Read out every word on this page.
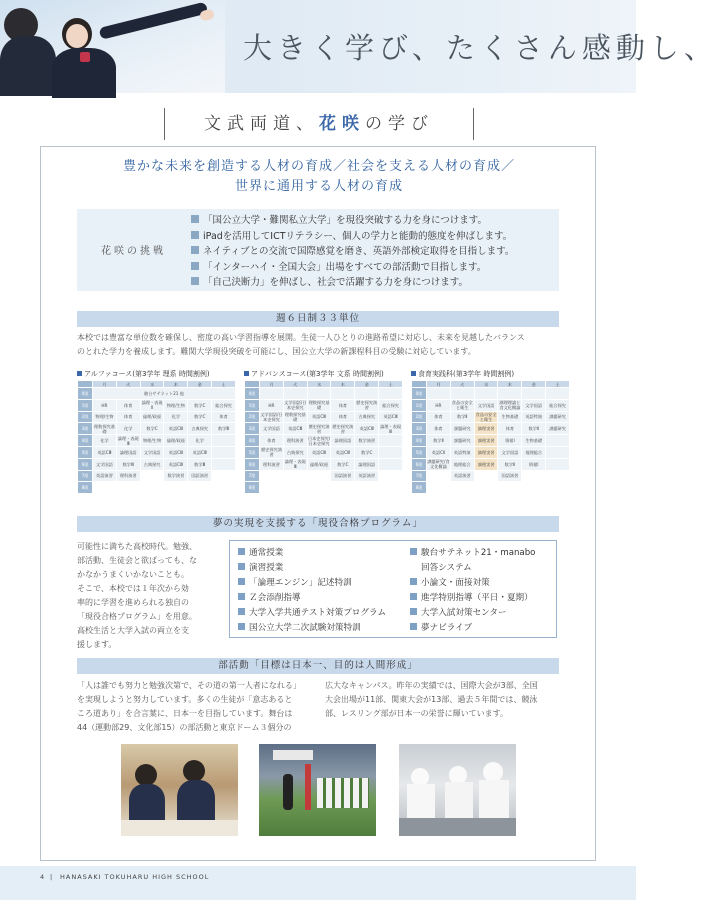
大きく学び、たくさん感動し、
文武両道、花咲の学び
豊かな未来を創造する人材の育成／社会を支える人材の育成／
世界に通用する人材の育成
花咲の挑戦
「国公立大学・難関私立大学」を現役突破する力を身につけます。
iPadを活用してICTリテラシー、個人の学力と能動的態度を伸ばします。
ネイティブとの交流で国際感覚を磨き、英語外部検定取得を目指します。
「インターハイ・全国大会」出場をすべての部活動で目指します。
「自己決断力」を伸ばし、社会で活躍する力を身につけます。
週６日制３３単位
本校では豊富な単位数を確保し、密度の高い学習指導を展開。生徒一人ひとりの進路希望に対応し、未来を見越したバランス
のとれた学力を養成します。難関大学現役突破を可能にし、国公立大学の新課程科目の受験に対応しています。
アルファコース(第3学年 理系 時間割例)	アドバンスコース(第3学年 文系 時間割例)	食育実践科(第3学年 時間割例)
	月	火	水	木	金	土
0限	駿台サテネット21 他					
1限	HR	体育	論理・表現Ⅱ	物理/生物	数学C	総合探究
2限	物理/生物	体育	倫理/政経	化学	数学C	体育
3限	理数探究基礎	化学	数学C	英語CⅢ	古典探究	数学Ⅲ
4限	化学	論理・表現Ⅲ	物理/生物	倫理/政経	化学	
5限	英語CⅢ	論理国語	文学国語	英語CⅢ	英語CⅢ	
6限	文学国語	数学Ⅲ	古典探究	英語CⅢ	数学Ⅲ	
7限	英語演習	理科演習		数学演習	国語演習	
8限						
	月	火	水	木	金	土
0限						
1限	HR	文学国語/日本史探究	理数探究基礎	体育	歴史探究演習	総合探究
2限	文学国語/日本史探究	理数探究基礎	英語CⅢ	体育	古典探究	英語CⅢ
3限	文学国語	英語CⅢ	歴史探究演習	歴史探究演習	英語CⅢ	論理・表現Ⅲ
4限	体育	理科演習	日本史探究/日本史探究	論理国語	数学演習	
5限	歴史探究演習	古典探究	英語CⅢ	英語CⅢ	数学C	
6限	理科演習	論理・表現Ⅲ	倫理/政経	数学C	論理国語	
7限				国語演習	英語演習	
8限						
	月	火	水	木	金	土
0限						
1限	HR	食品の安全と衛生	文学国語	調理理論と食文化概論	文学国語	総合探究
2限	体育	数学Ⅱ	食品の安全と衛生	生物基礎	英語特演	課題研究
3限	体育	課題研究	調理実習	体育	数学Ⅱ	課題研究
4限	数学Ⅱ	課題研究	調理実習	情報Ⅰ	生物基礎	
5限	英語CⅡ	英語特演	調理実習	文学国語	地理総合	
6限	課題研究/食文化概論	地理総合	調理実習	数学Ⅱ	情報Ⅰ	
7限		英語演習		国語演習		
8限						
夢の実現を支援する「現役合格プログラム」
可能性に満ちた高校時代。勉強、
部活動、生徒会と欲ばっても、な
かなかうまくいかないことも。
そこで、本校では１年次から効
率的に学習を進められる独自の
「現役合格プログラム」を用意。
高校生活と大学入試の両立を支
援します。
通常授業
演習授業
「論理エンジン」記述特訓
Ｚ会添削指導
大学入学共通テスト対策プログラム
国公立大学二次試験対策特訓
駿台サテネット21・manabo
回答システム
小論文・面接対策
進学特別指導（平日・夏期）
大学入試対策センター
夢ナビライブ
部活動「目標は日本一、目的は人間形成」
「人は誰でも努力と勉強次第で、その道の第一人者になれる」
を実現しようと努力しています。多くの生徒が「意志あると
ころ道あり」を合言葉に、日本一を目指しています。舞台は
44（運動部29、文化部15）の部活動と東京ドーム３個分の
広大なキャンパス。昨年の実績では、国際大会が3部、全国
大会出場が11部、関東大会が13部、過去５年間では、競泳
部、レスリング部が日本一の栄誉に輝いています。
4 | HANASAKI TOKUHARU HIGH SCHOOL
